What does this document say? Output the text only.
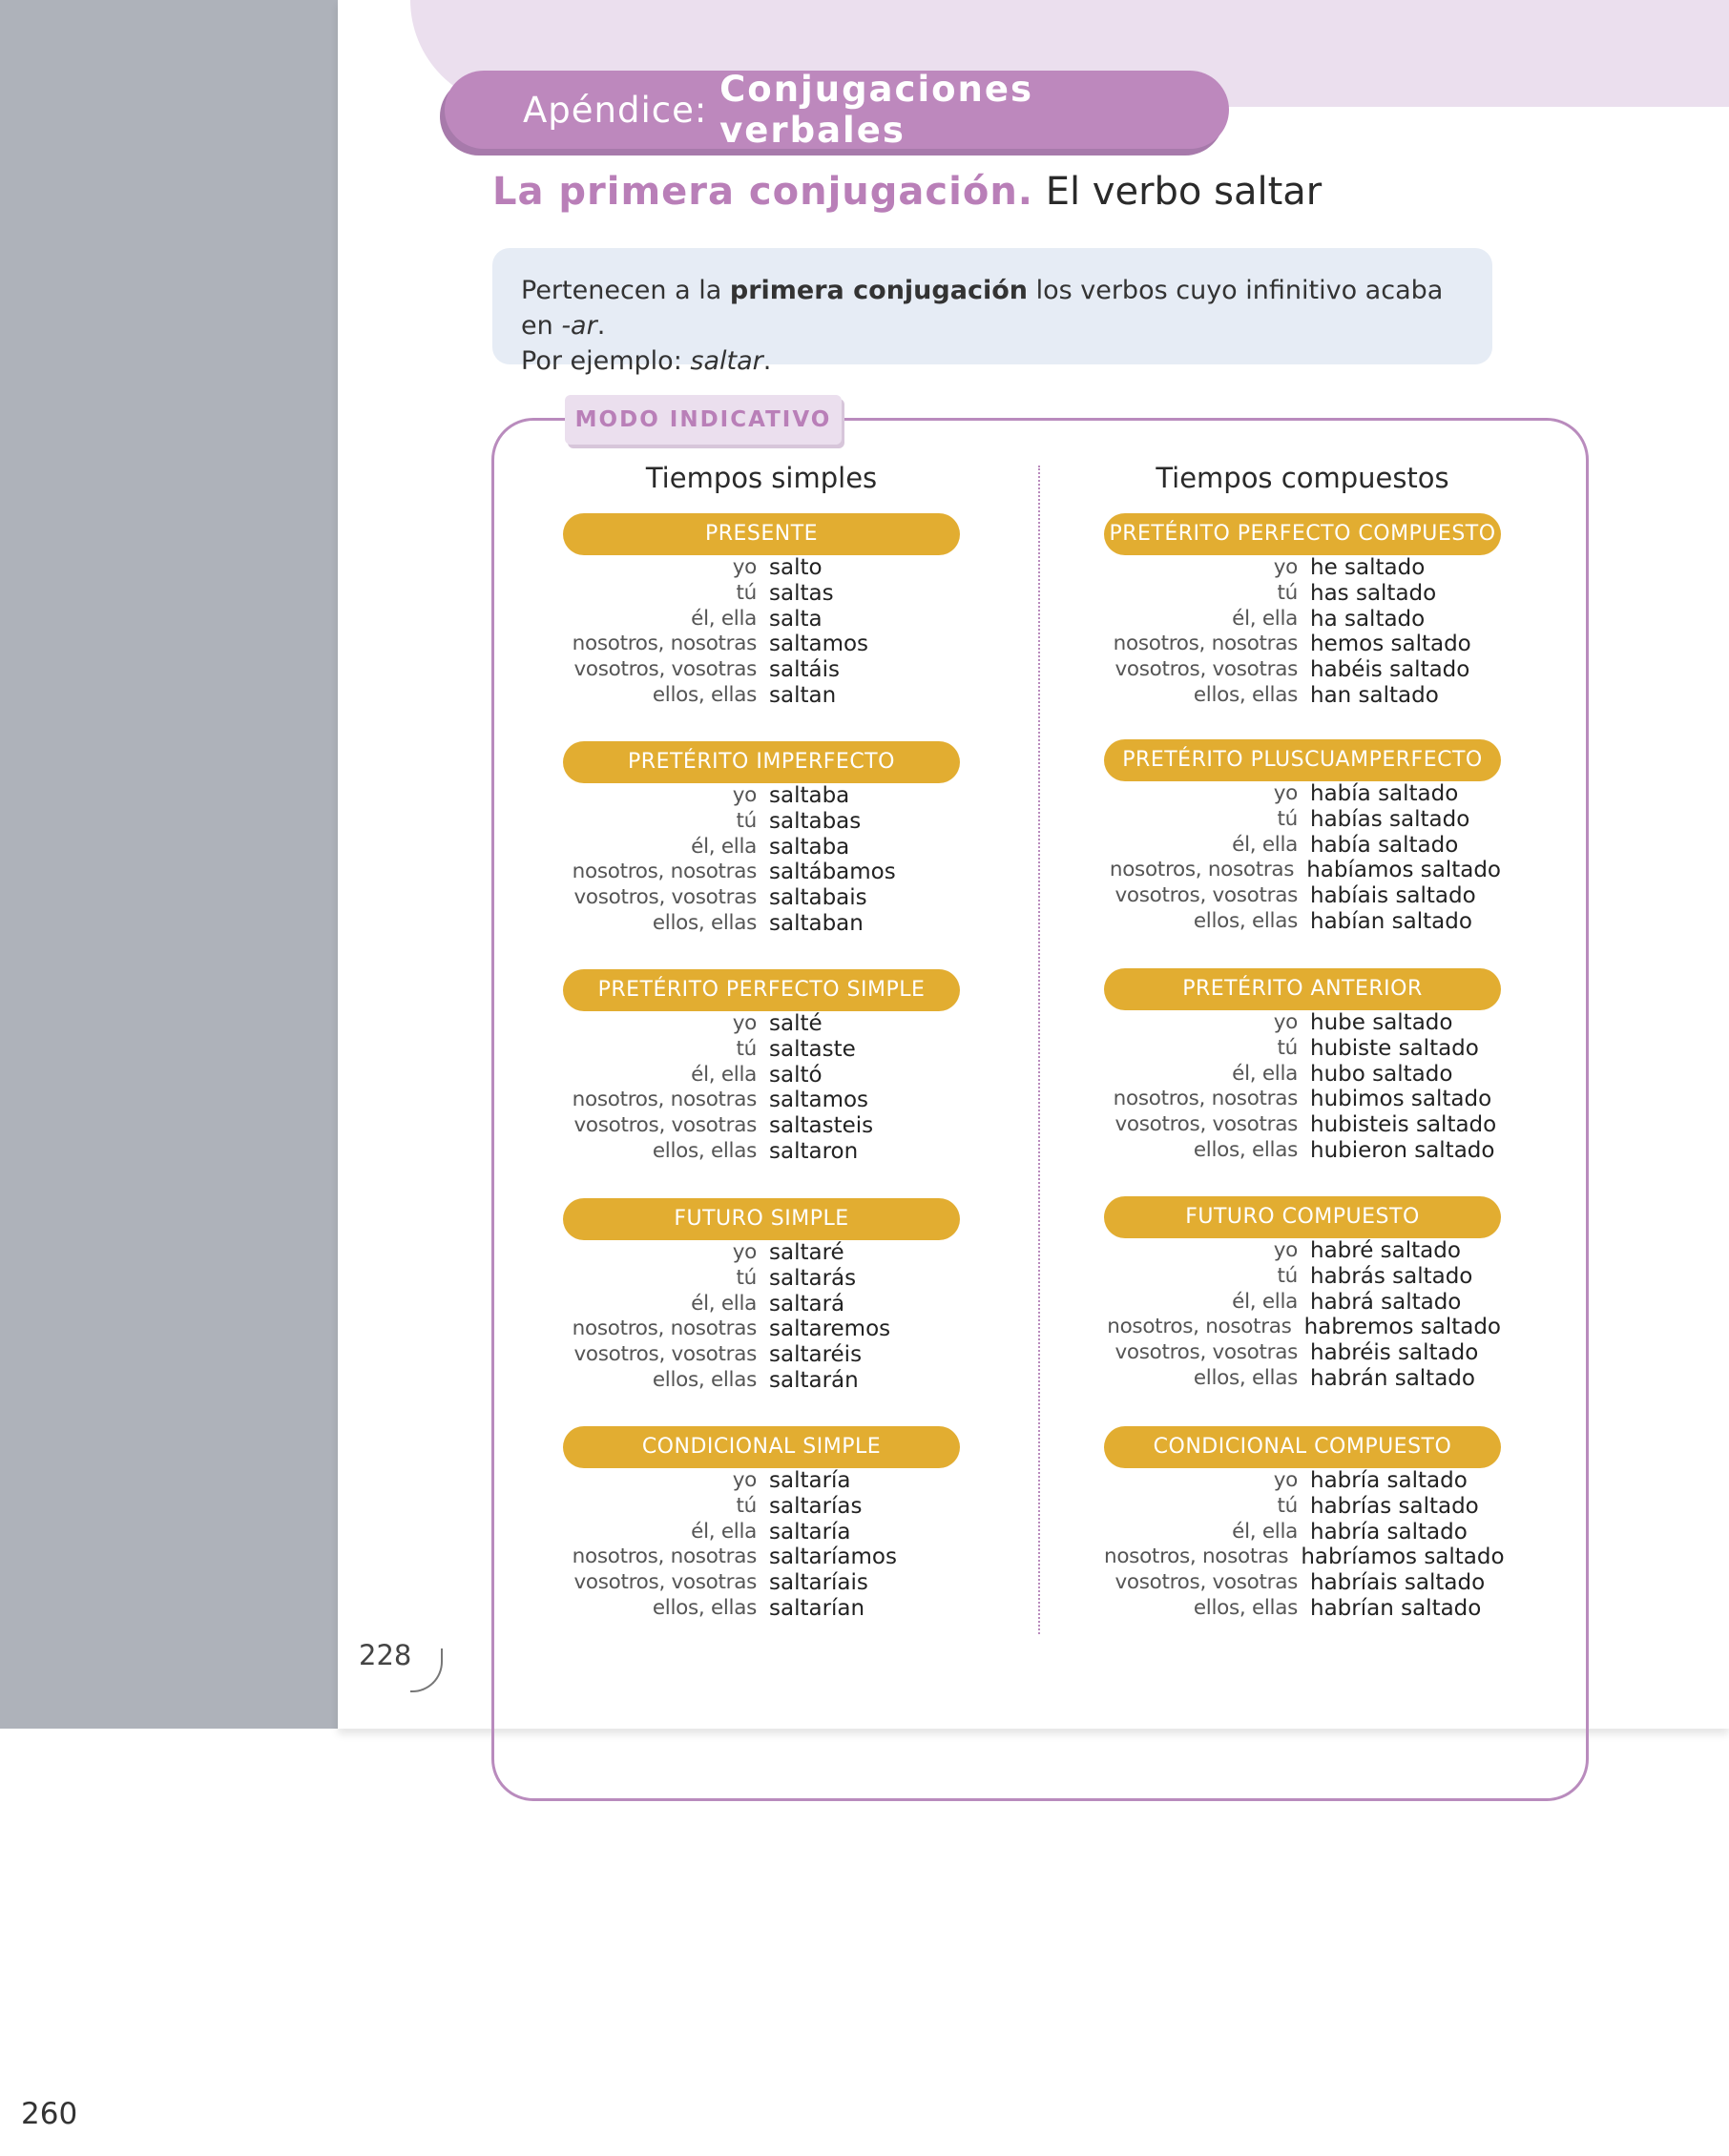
Apéndice:
Conjugaciones verbales
La primera conjugación. El verbo saltar
Pertenecen a la primera conjugación los verbos cuyo infinitivo acaba en -ar.
Por ejemplo: saltar.
MODO INDICATIVO
Tiempos simples	Tiempos compuestos
PRESENTE
yo salto
tú saltas
él, ella salta
nosotros, nosotras saltamos
vosotros, vosotras saltáis
ellos, ellas saltan
PRETÉRITO IMPERFECTO
yo saltaba
tú saltabas
él, ella saltaba
nosotros, nosotras saltábamos
vosotros, vosotras saltabais
ellos, ellas saltaban
PRETÉRITO PERFECTO SIMPLE
yo salté
tú saltaste
él, ella saltó
nosotros, nosotras saltamos
vosotros, vosotras saltasteis
ellos, ellas saltaron
FUTURO SIMPLE
yo saltaré
tú saltarás
él, ella saltará
nosotros, nosotras saltaremos
vosotros, vosotras saltaréis
ellos, ellas saltarán
CONDICIONAL SIMPLE
yo saltaría
tú saltarías
él, ella saltaría
nosotros, nosotras saltaríamos
vosotros, vosotras saltaríais
ellos, ellas saltarían
PRETÉRITO PERFECTO COMPUESTO
yo he saltado
tú has saltado
él, ella ha saltado
nosotros, nosotras hemos saltado
vosotros, vosotras habéis saltado
ellos, ellas han saltado
PRETÉRITO PLUSCUAMPERFECTO
yo había saltado
tú habías saltado
él, ella había saltado
nosotros, nosotras habíamos saltado
vosotros, vosotras habíais saltado
ellos, ellas habían saltado
PRETÉRITO ANTERIOR
yo hube saltado
tú hubiste saltado
él, ella hubo saltado
nosotros, nosotras hubimos saltado
vosotros, vosotras hubisteis saltado
ellos, ellas hubieron saltado
FUTURO COMPUESTO
yo habré saltado
tú habrás saltado
él, ella habrá saltado
nosotros, nosotras habremos saltado
vosotros, vosotras habréis saltado
ellos, ellas habrán saltado
CONDICIONAL COMPUESTO
yo habría saltado
tú habrías saltado
él, ella habría saltado
nosotros, nosotras habríamos saltado
vosotros, vosotras habríais saltado
ellos, ellas habrían saltado
228
260
